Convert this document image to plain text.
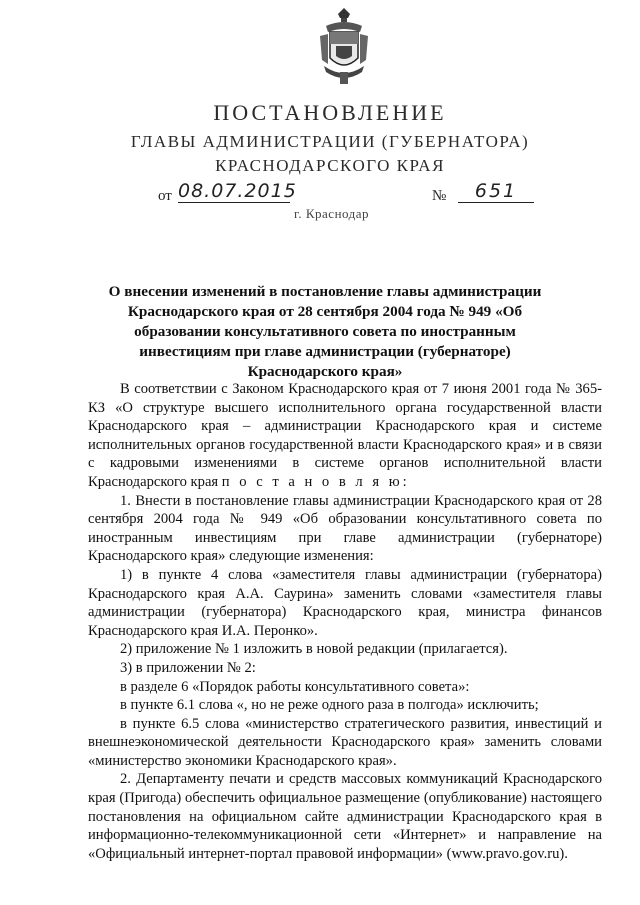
ПОСТАНОВЛЕНИЕ
ГЛАВЫ АДМИНИСТРАЦИИ (ГУБЕРНАТОРА)
КРАСНОДАРСКОГО КРАЯ
от 08.07.2015	№	651
г. Краснодар
О внесении изменений в постановление главы администрации Краснодарского края от 28 сентября 2004 года № 949 «Об образовании консультативного совета по иностранным инвестициям при главе администрации (губернаторе) Краснодарского края»

В соответствии с Законом Краснодарского края от 7 июня 2001 года № 365-КЗ «О структуре высшего исполнительного органа государственной власти Краснодарского края – администрации Краснодарского края и системе исполнительных органов государственной власти Краснодарского края» и в связи с кадровыми изменениями в системе органов исполнительной власти Краснодарского края п о с т а н о в л я ю:

1. Внести в постановление главы администрации Краснодарского края от 28 сентября 2004 года № 949 «Об образовании консультативного совета по иностранным инвестициям при главе администрации (губернаторе) Краснодарского края» следующие изменения:

1) в пункте 4 слова «заместителя главы администрации (губернатора) Краснодарского края А.А. Саурина» заменить словами «заместителя главы администрации (губернатора) Краснодарского края, министра финансов Краснодарского края И.А. Перонко».

2) приложение № 1 изложить в новой редакции (прилагается).

3) в приложении № 2:

в разделе 6 «Порядок работы консультативного совета»:

в пункте 6.1 слова «, но не реже одного раза в полгода» исключить;

в пункте 6.5 слова «министерство стратегического развития, инвестиций и внешнеэкономической деятельности Краснодарского края» заменить словами «министерство экономики Краснодарского края».

2. Департаменту печати и средств массовых коммуникаций Краснодарского края (Пригода) обеспечить официальное размещение (опубликование) настоящего постановления на официальном сайте администрации Краснодарского края в информационно-телекоммуникационной сети «Интернет» и направление на «Официальный интернет-портал правовой информации» (www.pravo.gov.ru).
